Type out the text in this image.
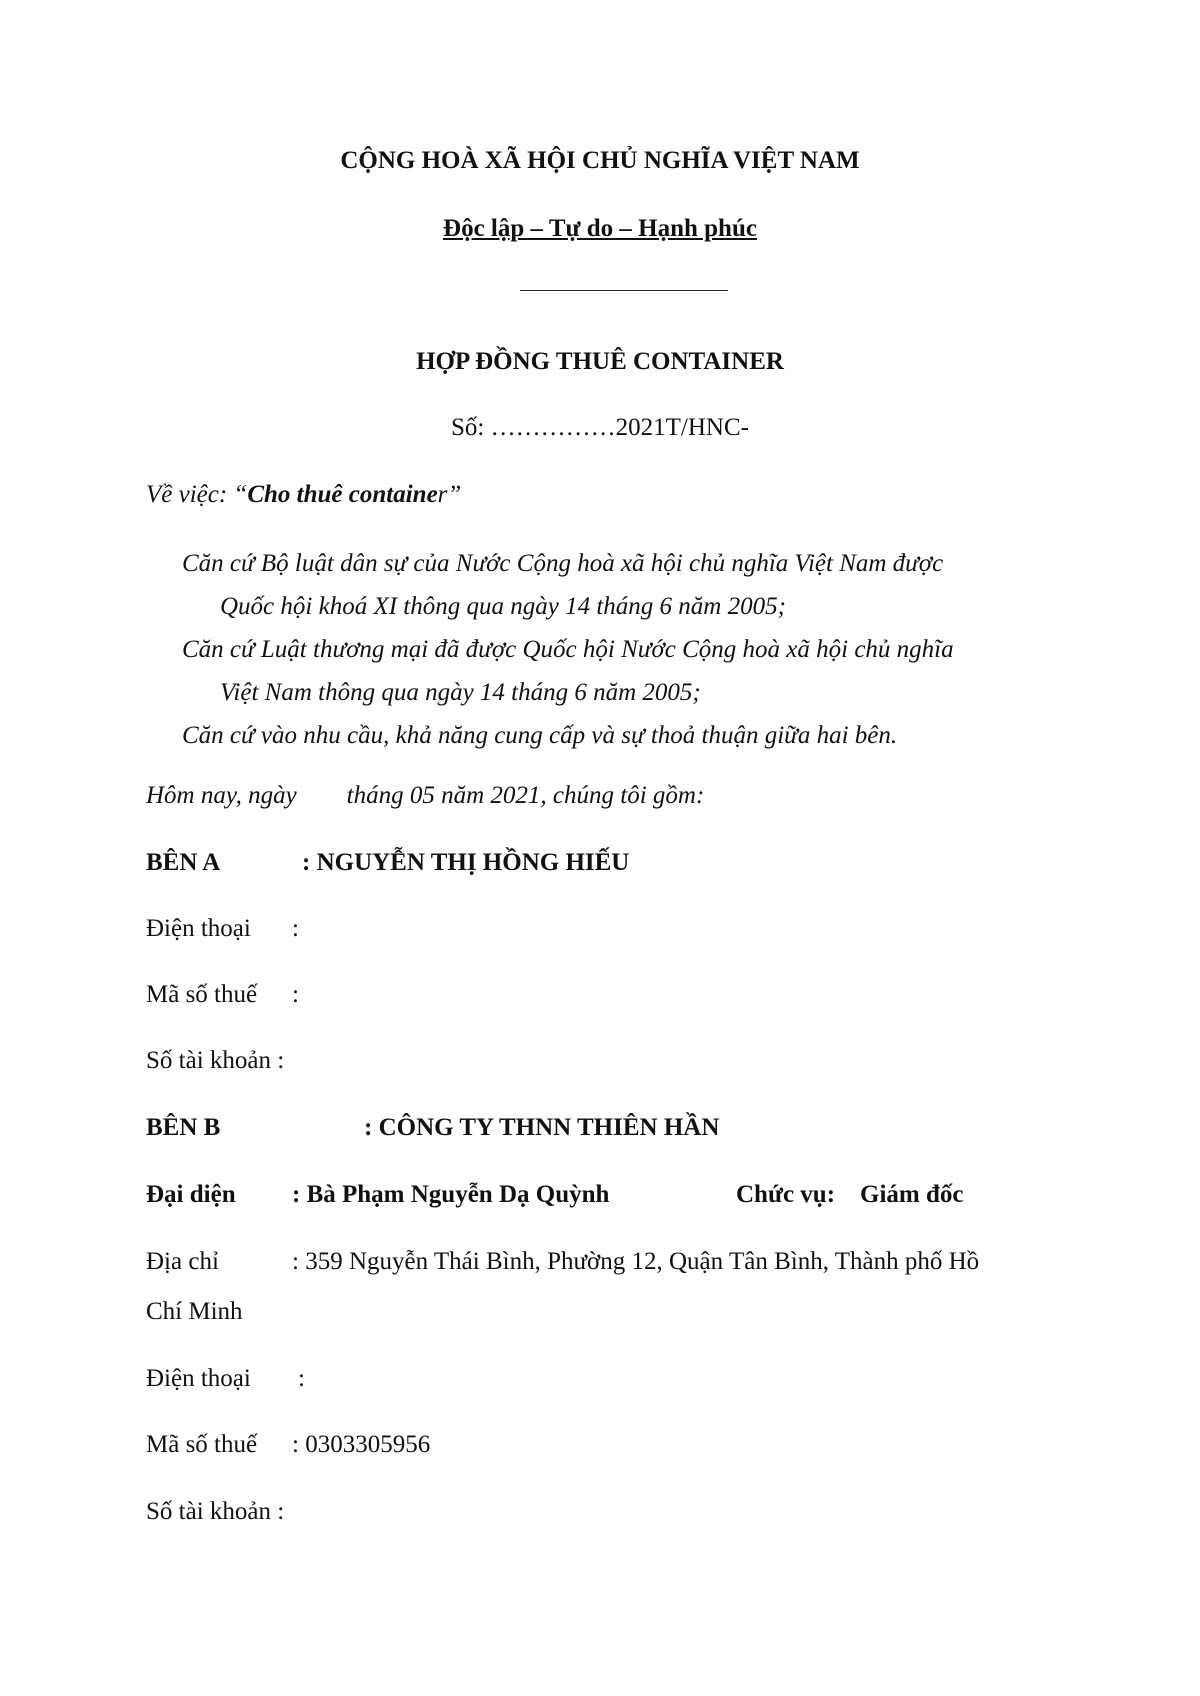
CỘNG HOÀ XÃ HỘI CHỦ NGHĨA VIỆT NAM
Độc lập – Tự do – Hạnh phúc
HỢP ĐỒNG THUÊ CONTAINER
Số: ……………2021T/HNC-
Về việc: “Cho thuê container”
Căn cứ Bộ luật dân sự của Nước Cộng hoà xã hội chủ nghĩa Việt Nam được
Quốc hội khoá XI thông qua ngày 14 tháng 6 năm 2005;
Căn cứ Luật thương mại đã được Quốc hội Nước Cộng hoà xã hội chủ nghĩa
Việt Nam thông qua ngày 14 tháng 6 năm 2005;
Căn cứ vào nhu cầu, khả năng cung cấp và sự thoả thuận giữa hai bên.
Hôm nay, ngày tháng 05 năm 2021, chúng tôi gồm:
BÊN A	: NGUYỄN THỊ HỒNG HIẾU
Điện thoại :
Mã số thuế :
Số tài khoản :
BÊN B	: CÔNG TY THNN THIÊN HẦN
Đại diện : Bà Phạm Nguyễn Dạ Quỳnh	Chức vụ: Giám đốc
Địa chỉ	: 359 Nguyễn Thái Bình, Phường 12, Quận Tân Bình, Thành phố Hồ
Chí Minh
Điện thoại :
Mã số thuế : 0303305956
Số tài khoản :
